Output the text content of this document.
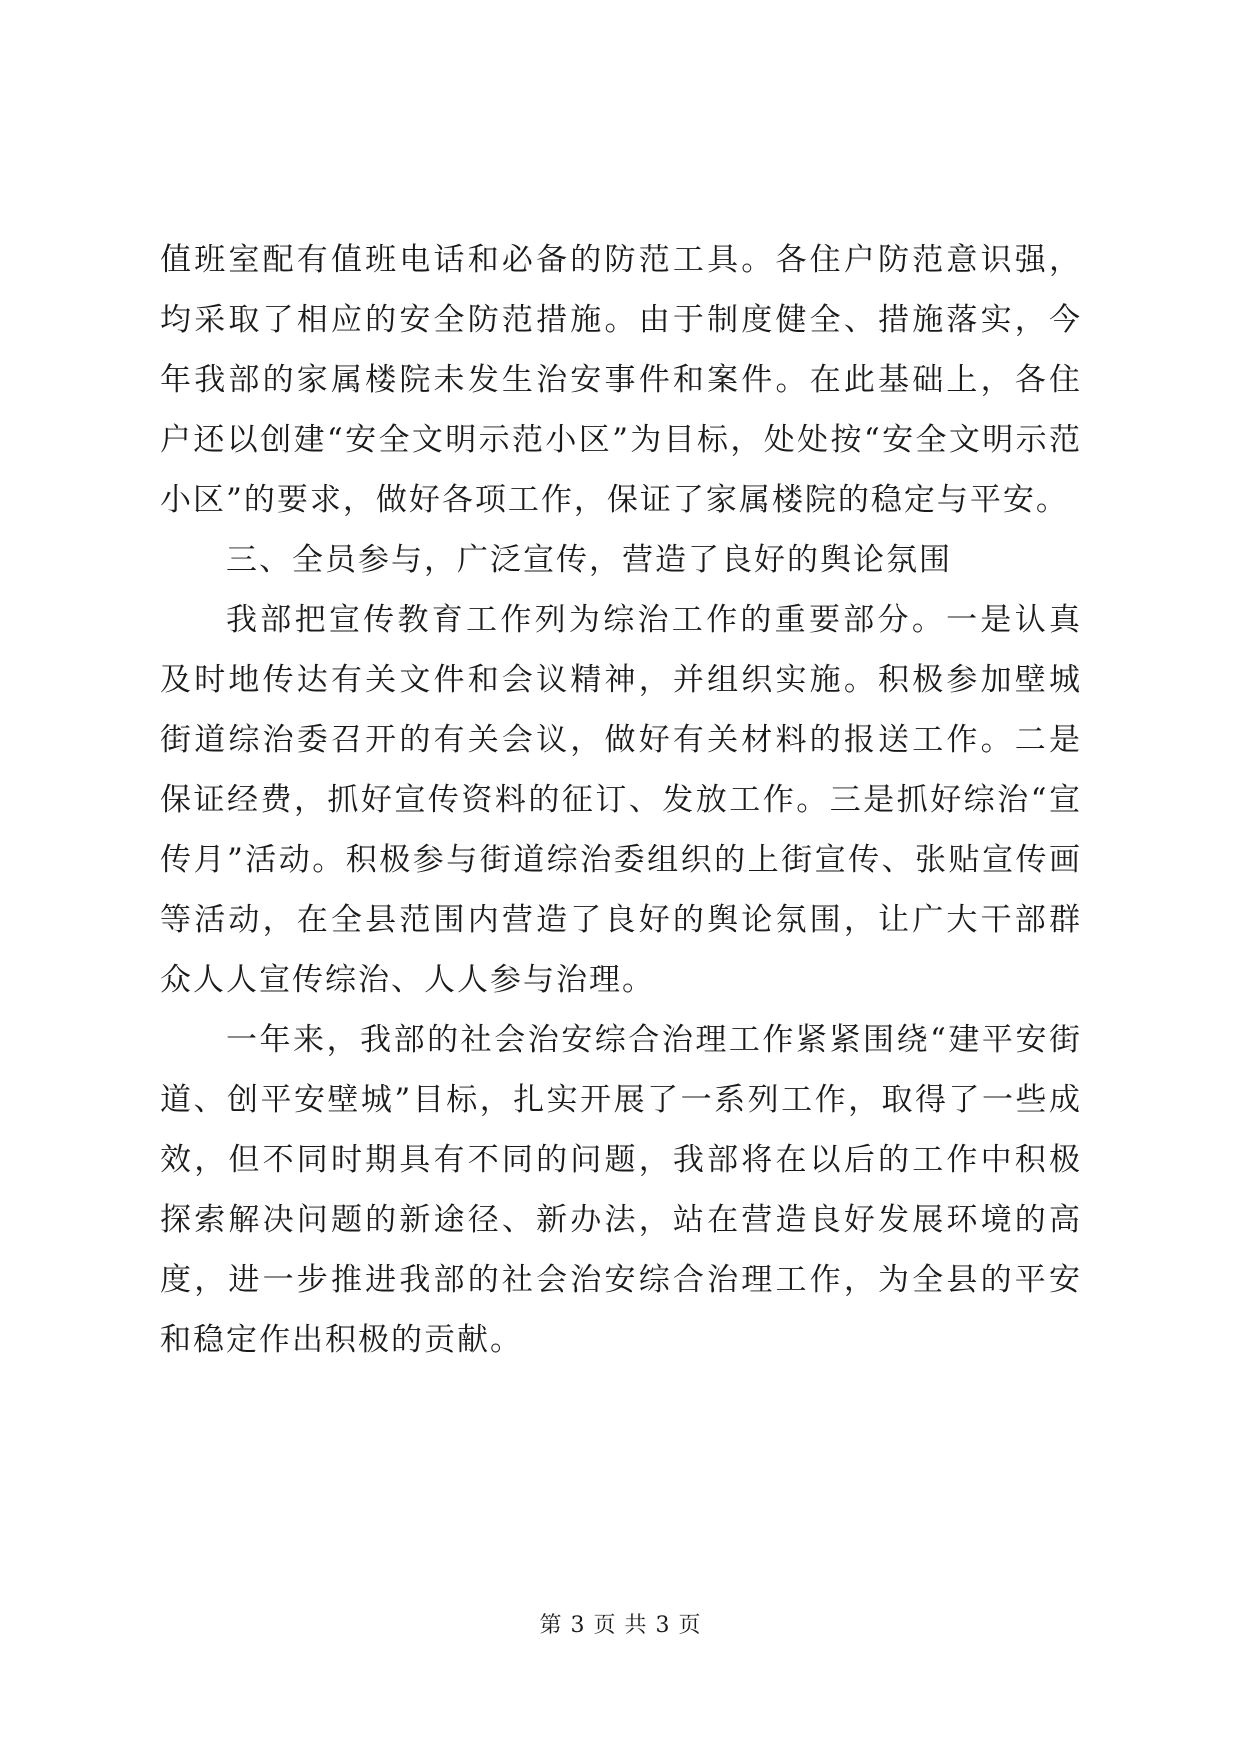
值班室配有值班电话和必备的防范工具。各住户防范意识强，均采取了相应的安全防范措施。由于制度健全、措施落实，今年我部的家属楼院未发生治安事件和案件。在此基础上，各住户还以创建“安全文明示范小区”为目标，处处按“安全文明示范小区”的要求，做好各项工作，保证了家属楼院的稳定与平安。

三、全员参与，广泛宣传，营造了良好的舆论氛围

我部把宣传教育工作列为综治工作的重要部分。一是认真及时地传达有关文件和会议精神，并组织实施。积极参加壁城街道综治委召开的有关会议，做好有关材料的报送工作。二是保证经费，抓好宣传资料的征订、发放工作。三是抓好综治“宣传月”活动。积极参与街道综治委组织的上街宣传、张贴宣传画等活动，在全县范围内营造了良好的舆论氛围，让广大干部群众人人宣传综治、人人参与治理。

一年来，我部的社会治安综合治理工作紧紧围绕“建平安街道、创平安壁城”目标，扎实开展了一系列工作，取得了一些成效，但不同时期具有不同的问题，我部将在以后的工作中积极探索解决问题的新途径、新办法，站在营造良好发展环境的高度，进一步推进我部的社会治安综合治理工作，为全县的平安和稳定作出积极的贡献。

第 3 页 共 3 页
